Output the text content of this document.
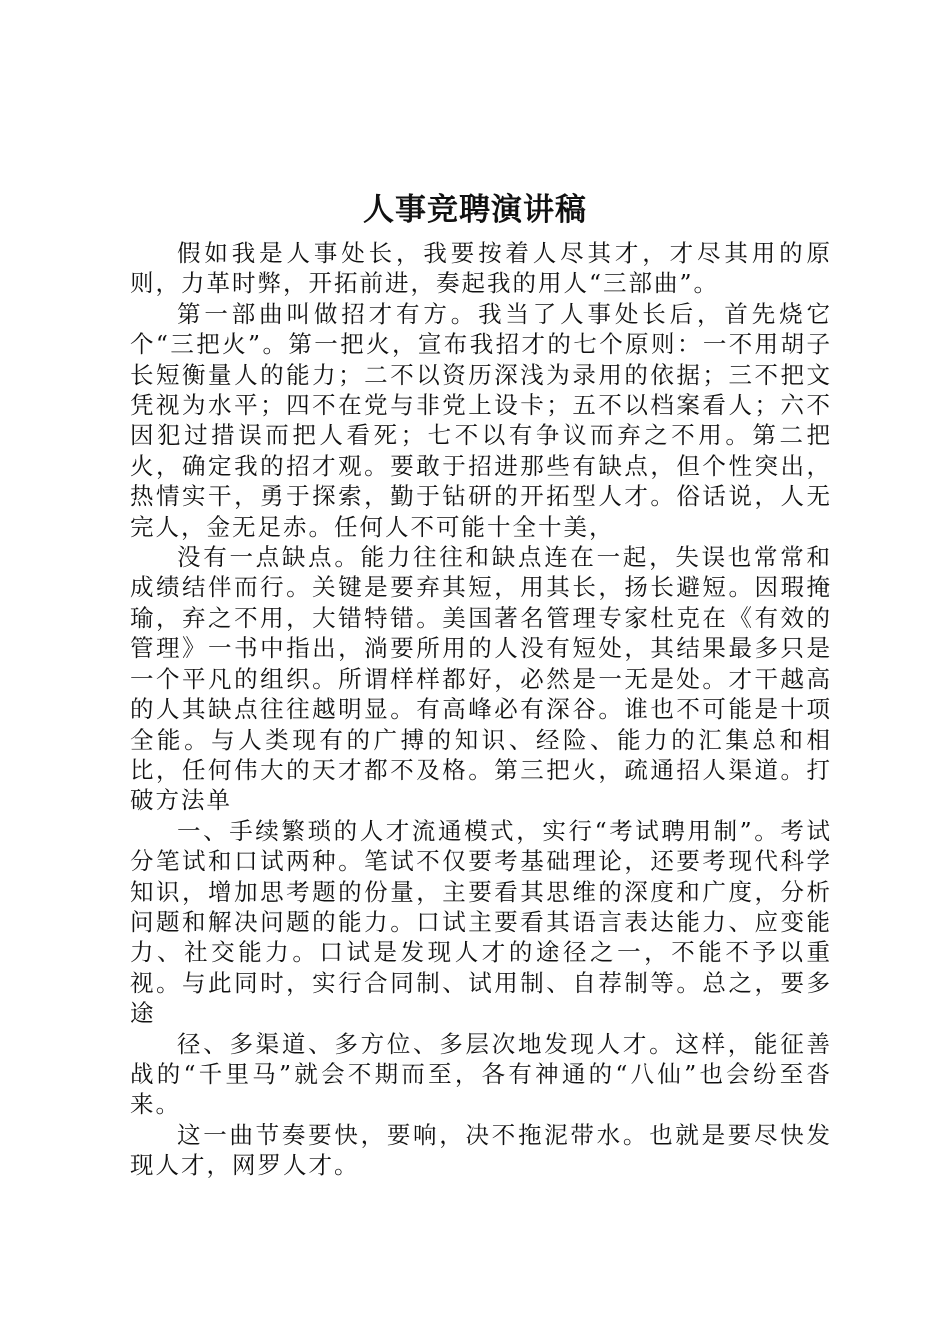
人事竞聘演讲稿

假如我是人事处长，我要按着人尽其才，才尽其用的原则，力革时弊，开拓前进，奏起我的用人“三部曲”。

第一部曲叫做招才有方。我当了人事处长后，首先烧它个“三把火”。第一把火，宣布我招才的七个原则：一不用胡子长短衡量人的能力；二不以资历深浅为录用的依据；三不把文凭视为水平；四不在党与非党上设卡；五不以档案看人；六不因犯过措误而把人看死；七不以有争议而弃之不用。第二把火，确定我的招才观。要敢于招进那些有缺点，但个性突出，热情实干，勇于探索，勤于钻研的开拓型人才。俗话说，人无完人，金无足赤。任何人不可能十全十美，

没有一点缺点。能力往往和缺点连在一起，失误也常常和成绩结伴而行。关键是要弃其短，用其长，扬长避短。因瑕掩瑜，弃之不用，大错特错。美国著名管理专家杜克在《有效的管理》一书中指出，淌要所用的人没有短处，其结果最多只是一个平凡的组织。所谓样样都好，必然是一无是处。才干越高的人其缺点往往越明显。有高峰必有深谷。谁也不可能是十项全能。与人类现有的广搏的知识、经险、能力的汇集总和相比，任何伟大的天才都不及格。第三把火，疏通招人渠道。打破方法单

一、手续繁琐的人才流通模式，实行“考试聘用制”。考试分笔试和口试两种。笔试不仅要考基础理论，还要考现代科学知识，增加思考题的份量，主要看其思维的深度和广度，分析问题和解决问题的能力。口试主要看其语言表达能力、应变能力、社交能力。口试是发现人才的途径之一，不能不予以重视。与此同时，实行合同制、试用制、自荐制等。总之，要多途

径、多渠道、多方位、多层次地发现人才。这样，能征善战的“千里马”就会不期而至，各有神通的“八仙”也会纷至沓来。

这一曲节奏要快，要响，决不拖泥带水。也就是要尽快发现人才，网罗人才。
